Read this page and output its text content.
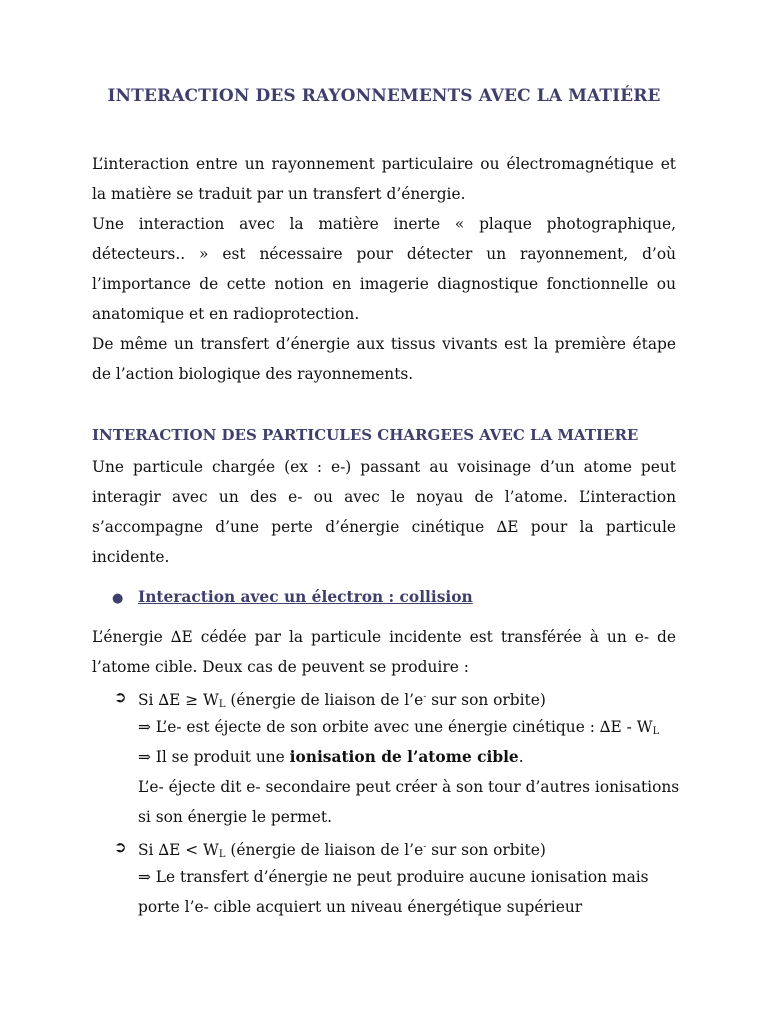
INTERACTION DES RAYONNEMENTS AVEC LA MATIÉRE
L’interaction entre un rayonnement particulaire ou électromagnétique et la matière se traduit par un transfert d’énergie.
Une interaction avec la matière inerte « plaque photographique, détecteurs.. » est nécessaire pour détecter un rayonnement, d’où l’importance de cette notion en imagerie diagnostique fonctionnelle ou anatomique et en radioprotection.
De même un transfert d’énergie aux tissus vivants est la première étape de l’action biologique des rayonnements.
INTERACTION DES PARTICULES CHARGEES AVEC LA MATIERE
Une particule chargée (ex : e-) passant au voisinage d’un atome peut interagir avec un des e- ou avec le noyau de l’atome. L’interaction s’accompagne d’une perte d’énergie cinétique ∆E pour la particule incidente.
● Interaction avec un électron : collision
L’énergie ∆E cédée par la particule incidente est transférée à un e- de l’atome cible. Deux cas de peuvent se produire :
➲ Si $\Delta E \ge W_L$ (énergie de liaison de l’e- sur son orbite)
⇒ L’e- est éjecte de son orbite avec une énergie cinétique : $\Delta E - W_L$
⇒ Il se produit une ionisation de l’atome cible.
L’e- éjecte dit e- secondaire peut créer à son tour d’autres ionisations
si son énergie le permet.
➲ Si $\Delta E < W_L$ (énergie de liaison de l’e- sur son orbite)
⇒ Le transfert d’énergie ne peut produire aucune ionisation mais
porte l’e- cible acquiert un niveau énergétique supérieur
